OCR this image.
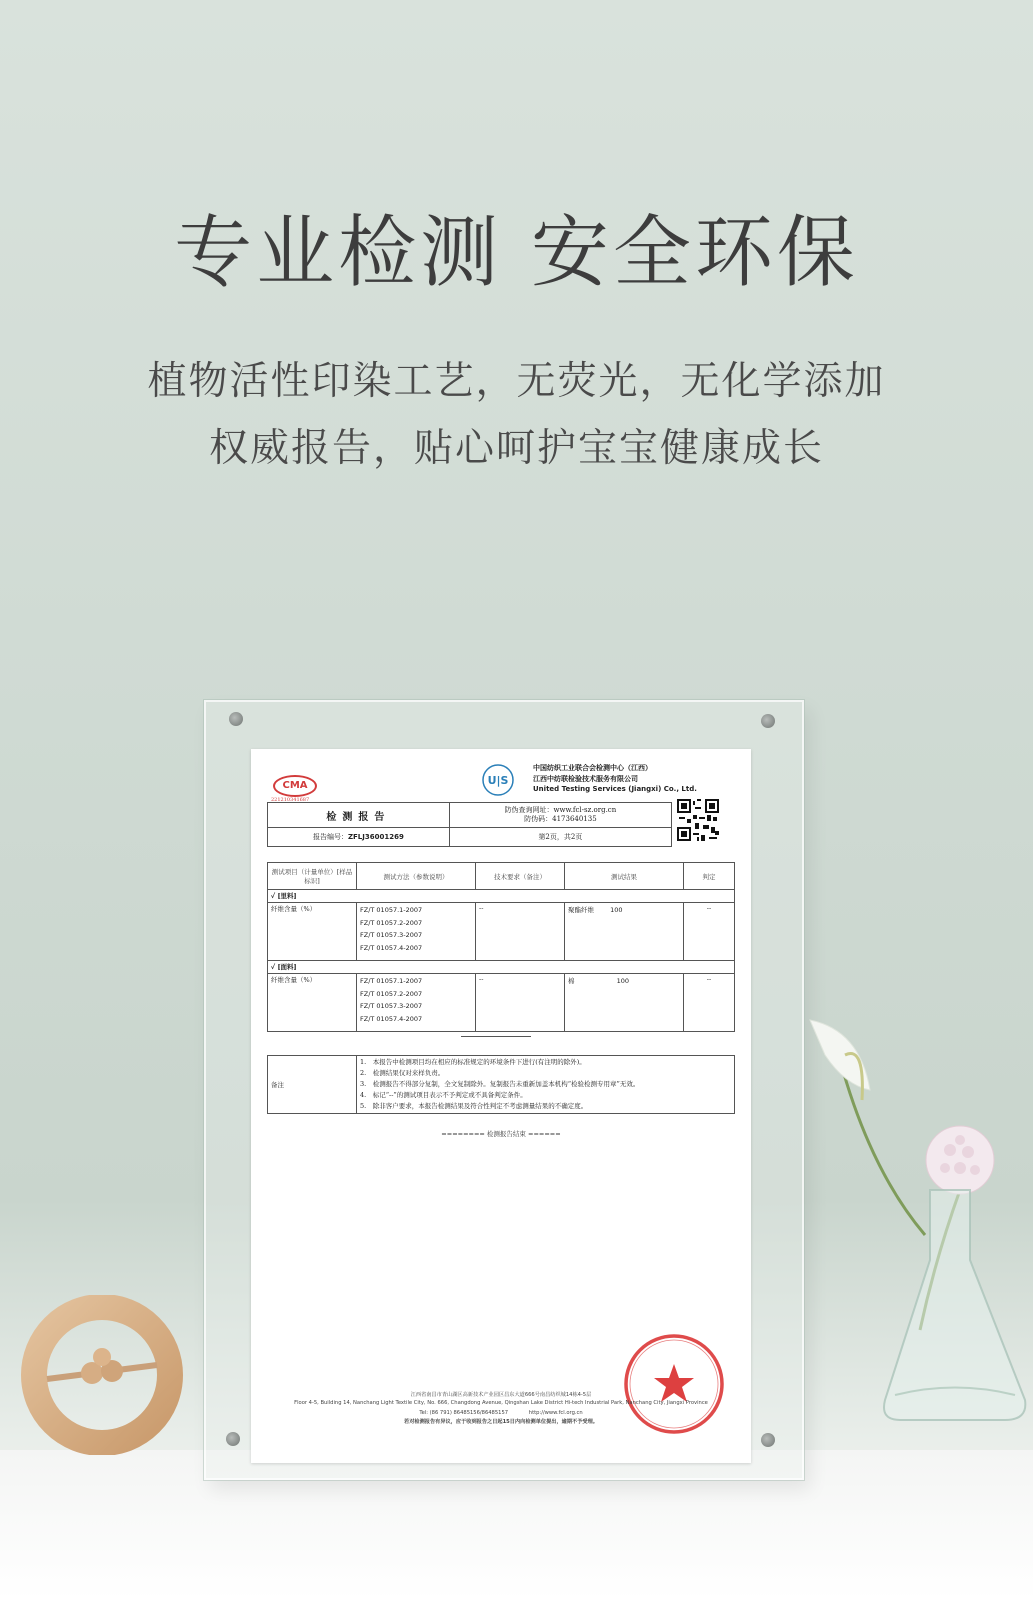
专业检测 安全环保
植物活性印染工艺，无荧光，无化学添加
权威报告，贴心呵护宝宝健康成长
CMA
221210341687
U|S
中国纺织工业联合会检测中心（江西）
江西中纺联检验技术服务有限公司
United Testing Services (Jiangxi) Co., Ltd.
检测报告	防伪查询网址：www.fcl-sz.org.cn
防伪码：4173640135

报告编号：ZFLJ36001269	第2页，共2页
测试项目（计量单位）[样品标识]	测试方法（参数说明）	技术要求（备注）	测试结果	判定
✓ [里料]				
纤维含量（%）	FZ/T 01057.1-2007
FZ/T 01057.2-2007
FZ/T 01057.3-2007
FZ/T 01057.4-2007	--	聚酯纤维 100	--
✓ [面料]				
纤维含量（%）	FZ/T 01057.1-2007
FZ/T 01057.2-2007
FZ/T 01057.3-2007
FZ/T 01057.4-2007	--	棉 100	--
备注	
1.　本报告中检测项目均在相应的标准规定的环境条件下进行(有注明的除外)。
2.　检测结果仅对来样负责。
3.　检测报告不得部分复制，全文复制除外。复制报告未重新加盖本机构“检验检测专用章”无效。
4.　标记“--”的测试项目表示不予判定或不具备判定条件。
5.　除非客户要求，本报告检测结果及符合性判定不考虑测量结果的不确定度。
======== 检测报告结束 ======
江西省南昌市青山湖区高新技术产业园区昌东大道666号南昌纺织城14栋4-5层
Floor 4-5, Building 14, Nanchang Light Textile City, No. 666, Changdong Avenue, Qingshan Lake District Hi-tech Industrial Park, Nanchang City, Jiangxi Province
Tel: (86 791) 86485156/86485157　　　　http://www.fcl.org.cn
若对检测报告有异议，应于收到报告之日起15日内向检测单位提出，逾期不予受理。
